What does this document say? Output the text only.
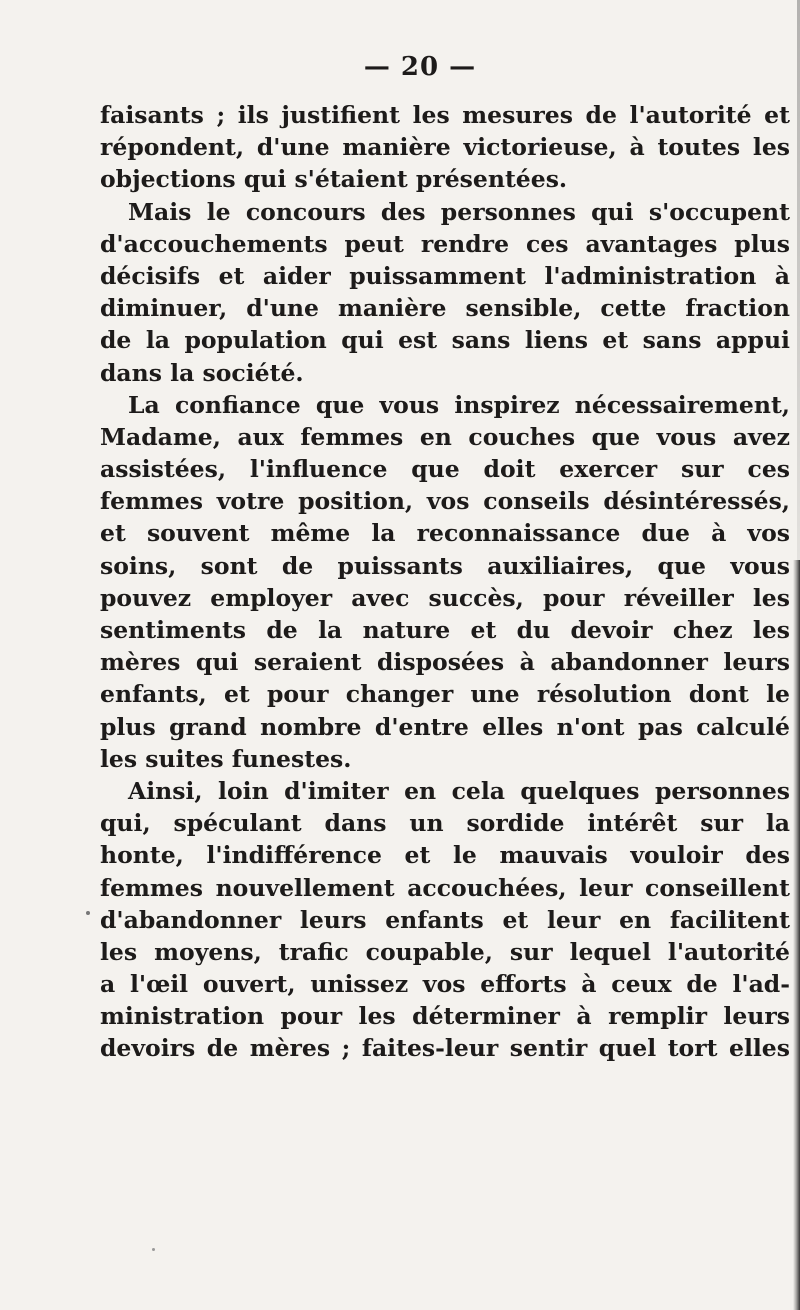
— 20 —
faisants ; ils justifient les mesures de l'autorité et
répondent, d'une manière victorieuse, à toutes les
objections qui s'étaient présentées.
Mais le concours des personnes qui s'occupent
d'accouchements peut rendre ces avantages plus
décisifs et aider puissamment l'administration à
diminuer, d'une manière sensible, cette fraction
de la population qui est sans liens et sans appui
dans la société.
La confiance que vous inspirez nécessairement,
Madame, aux femmes en couches que vous avez
assistées, l'influence que doit exercer sur ces
femmes votre position, vos conseils désintéressés,
et souvent même la reconnaissance due à vos
soins, sont de puissants auxiliaires, que vous
pouvez employer avec succès, pour réveiller les
sentiments de la nature et du devoir chez les
mères qui seraient disposées à abandonner leurs
enfants, et pour changer une résolution dont le
plus grand nombre d'entre elles n'ont pas calculé
les suites funestes.
Ainsi, loin d'imiter en cela quelques personnes
qui, spéculant dans un sordide intérêt sur la
honte, l'indifférence et le mauvais vouloir des
femmes nouvellement accouchées, leur conseillent
d'abandonner leurs enfants et leur en facilitent
les moyens, trafic coupable, sur lequel l'autorité
a l'œil ouvert, unissez vos efforts à ceux de l'ad-
ministration pour les déterminer à remplir leurs
devoirs de mères ; faites-leur sentir quel tort elles
